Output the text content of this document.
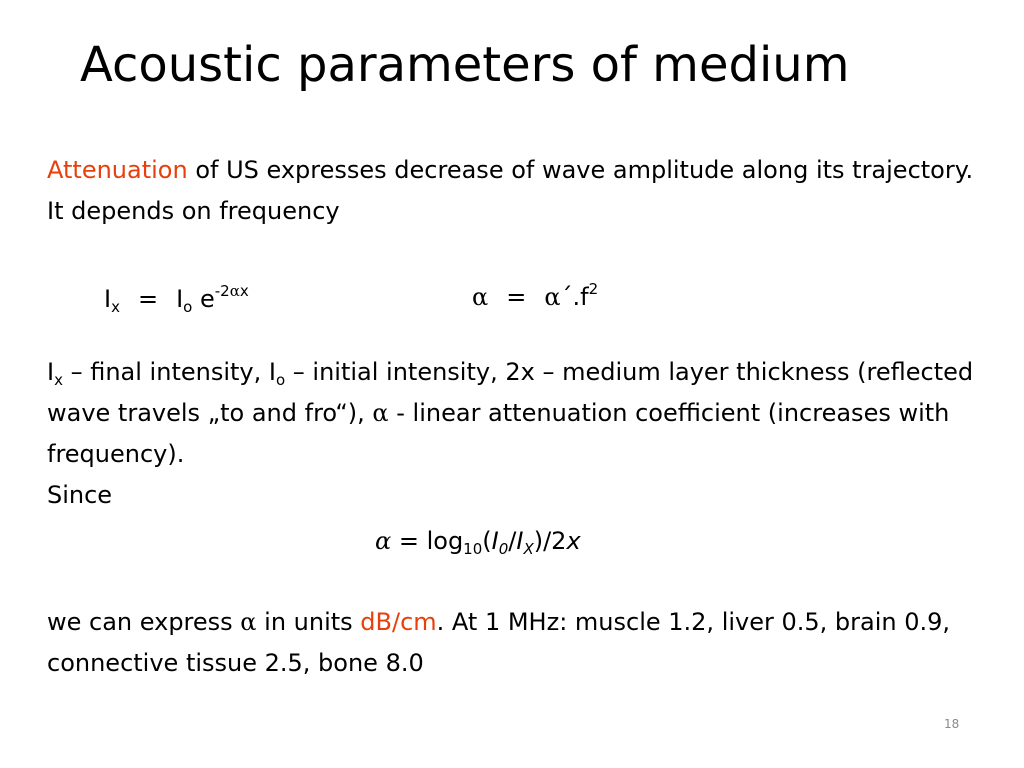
Acoustic parameters of medium

Attenuation of US expresses decrease of wave amplitude along its trajectory. It depends on frequency

$I_x = I_o$ $e^{-2\alpha x}$	$\alpha = \alpha´.f^2$
$I_x$ – final intensity, $I_o$ – initial intensity, 2x – medium layer thickness (reflected wave travels „to and fro“), α - linear attenuation coefficient (increases with frequency).
Since
$\alpha = \log_{10}(I_0/I_X)/2x$

we can express α in units dB/cm. At 1 MHz: muscle 1.2, liver 0.5, brain 0.9, connective tissue 2.5, bone 8.0

18
